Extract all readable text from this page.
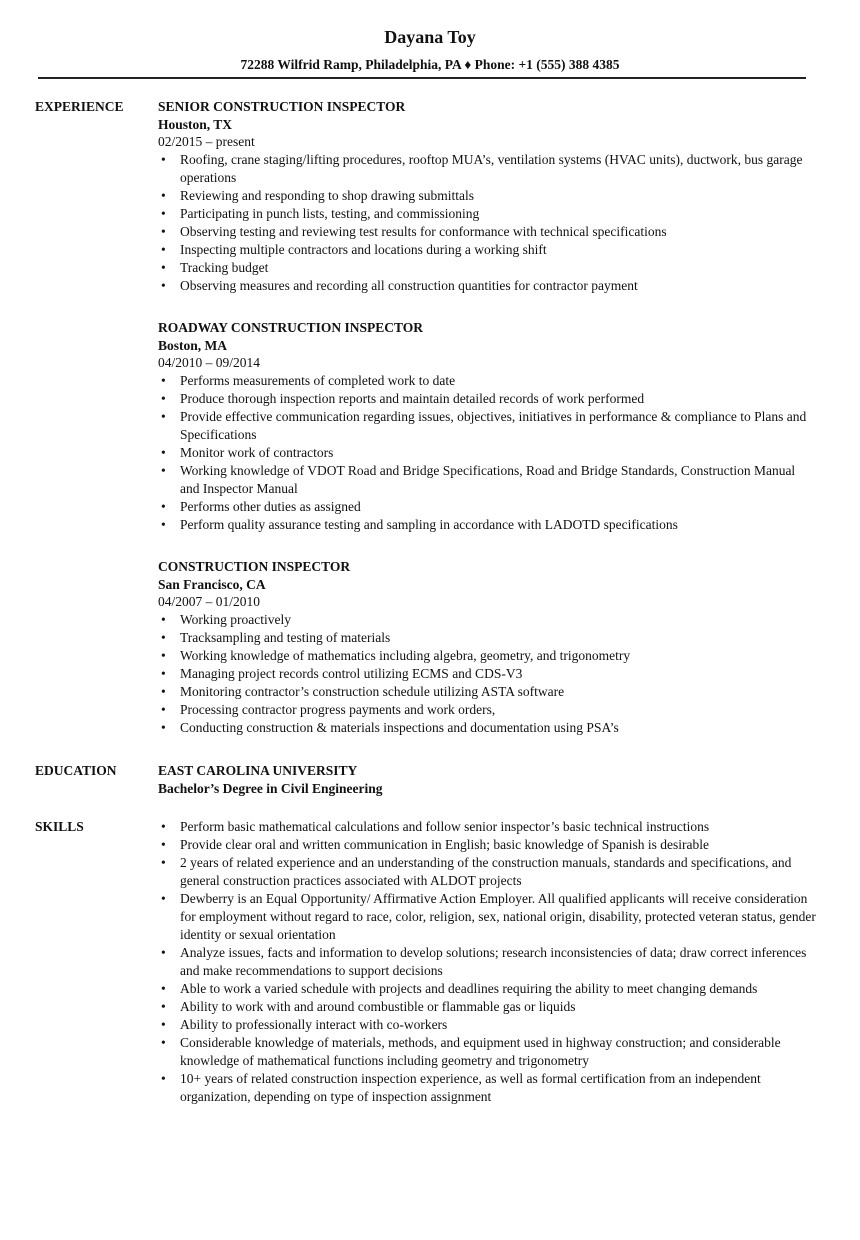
Dayana Toy
72288 Wilfrid Ramp, Philadelphia, PA ♦ Phone: +1 (555) 388 4385
EXPERIENCE	SENIOR CONSTRUCTION INSPECTOR
Houston, TX
02/2015 – present
• Roofing, crane staging/lifting procedures, rooftop MUA’s, ventilation systems (HVAC units), ductwork, bus garage operations
• Reviewing and responding to shop drawing submittals
• Participating in punch lists, testing, and commissioning
• Observing testing and reviewing test results for conformance with technical specifications
• Inspecting multiple contractors and locations during a working shift
• Tracking budget
• Observing measures and recording all construction quantities for contractor payment
ROADWAY CONSTRUCTION INSPECTOR
Boston, MA
04/2010 – 09/2014
• Performs measurements of completed work to date
• Produce thorough inspection reports and maintain detailed records of work performed
• Provide effective communication regarding issues, objectives, initiatives in performance & compliance to Plans and Specifications
• Monitor work of contractors
• Working knowledge of VDOT Road and Bridge Specifications, Road and Bridge Standards, Construction Manual and Inspector Manual
• Performs other duties as assigned
• Perform quality assurance testing and sampling in accordance with LADOTD specifications
CONSTRUCTION INSPECTOR
San Francisco, CA
04/2007 – 01/2010
• Working proactively
• Tracksampling and testing of materials
• Working knowledge of mathematics including algebra, geometry, and trigonometry
• Managing project records control utilizing ECMS and CDS-V3
• Monitoring contractor’s construction schedule utilizing ASTA software
• Processing contractor progress payments and work orders,
• Conducting construction & materials inspections and documentation using PSA’s
EDUCATION	EAST CAROLINA UNIVERSITY
Bachelor’s Degree in Civil Engineering
SKILLS	• Perform basic mathematical calculations and follow senior inspector’s basic technical instructions
• Provide clear oral and written communication in English; basic knowledge of Spanish is desirable
• 2 years of related experience and an understanding of the construction manuals, standards and specifications, and general construction practices associated with ALDOT projects
• Dewberry is an Equal Opportunity/ Affirmative Action Employer. All qualified applicants will receive consideration for employment without regard to race, color, religion, sex, national origin, disability, protected veteran status, gender identity or sexual orientation
• Analyze issues, facts and information to develop solutions; research inconsistencies of data; draw correct inferences and make recommendations to support decisions
• Able to work a varied schedule with projects and deadlines requiring the ability to meet changing demands
• Ability to work with and around combustible or flammable gas or liquids
• Ability to professionally interact with co-workers
• Considerable knowledge of materials, methods, and equipment used in highway construction; and considerable knowledge of mathematical functions including geometry and trigonometry
• 10+ years of related construction inspection experience, as well as formal certification from an independent organization, depending on type of inspection assignment
